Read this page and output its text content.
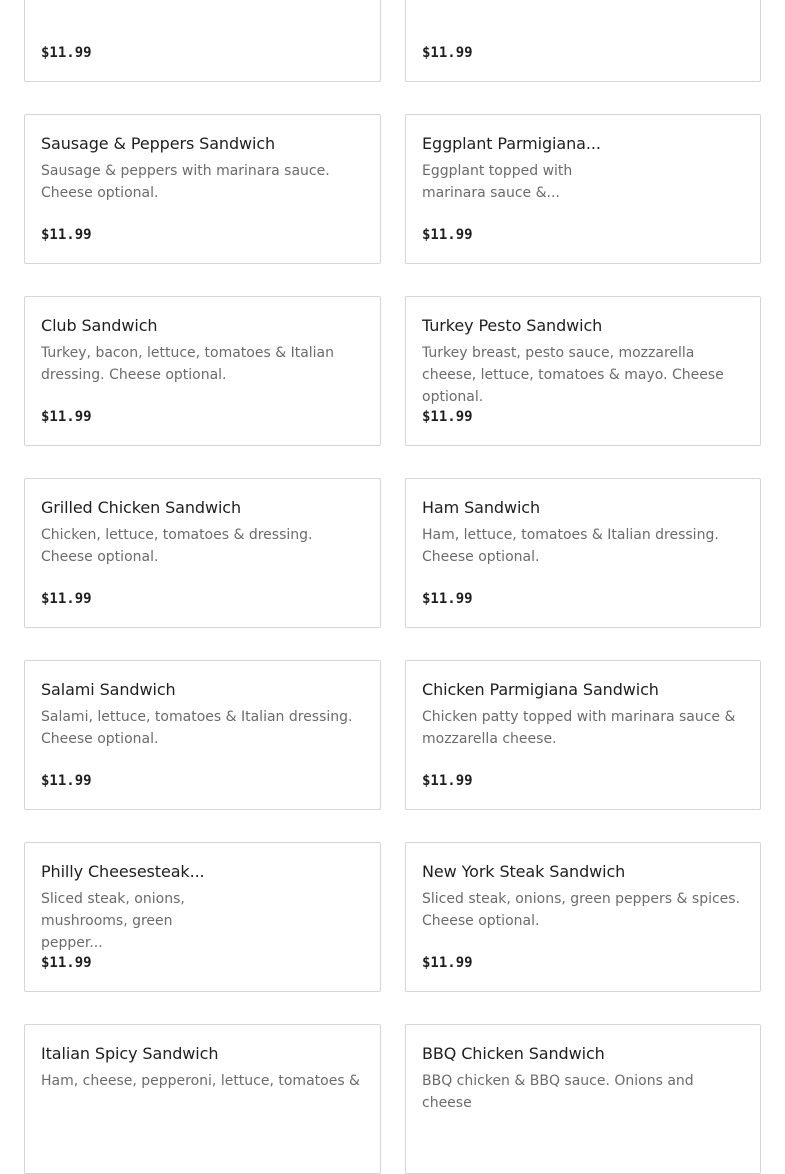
$11.99	$11.99
Sausage & Peppers Sandwich
Sausage & peppers with marinara sauce. Cheese optional.
$11.99
Eggplant Parmigiana...
Eggplant topped with marinara sauce &...
$11.99
Club Sandwich
Turkey, bacon, lettuce, tomatoes & Italian dressing. Cheese optional.
$11.99
Turkey Pesto Sandwich
Turkey breast, pesto sauce, mozzarella cheese, lettuce, tomatoes & mayo. Cheese optional.
$11.99
Grilled Chicken Sandwich
Chicken, lettuce, tomatoes & dressing. Cheese optional.
$11.99
Ham Sandwich
Ham, lettuce, tomatoes & Italian dressing. Cheese optional.
$11.99
Salami Sandwich
Salami, lettuce, tomatoes & Italian dressing. Cheese optional.
$11.99
Chicken Parmigiana Sandwich
Chicken patty topped with marinara sauce & mozzarella cheese.
$11.99
Philly Cheesesteak...
Sliced steak, onions, mushrooms, green pepper...
$11.99
New York Steak Sandwich
Sliced steak, onions, green peppers & spices. Cheese optional.
$11.99
Italian Spicy Sandwich
Ham, cheese, pepperoni, lettuce, tomatoes &
BBQ Chicken Sandwich
BBQ chicken & BBQ sauce. Onions and cheese
